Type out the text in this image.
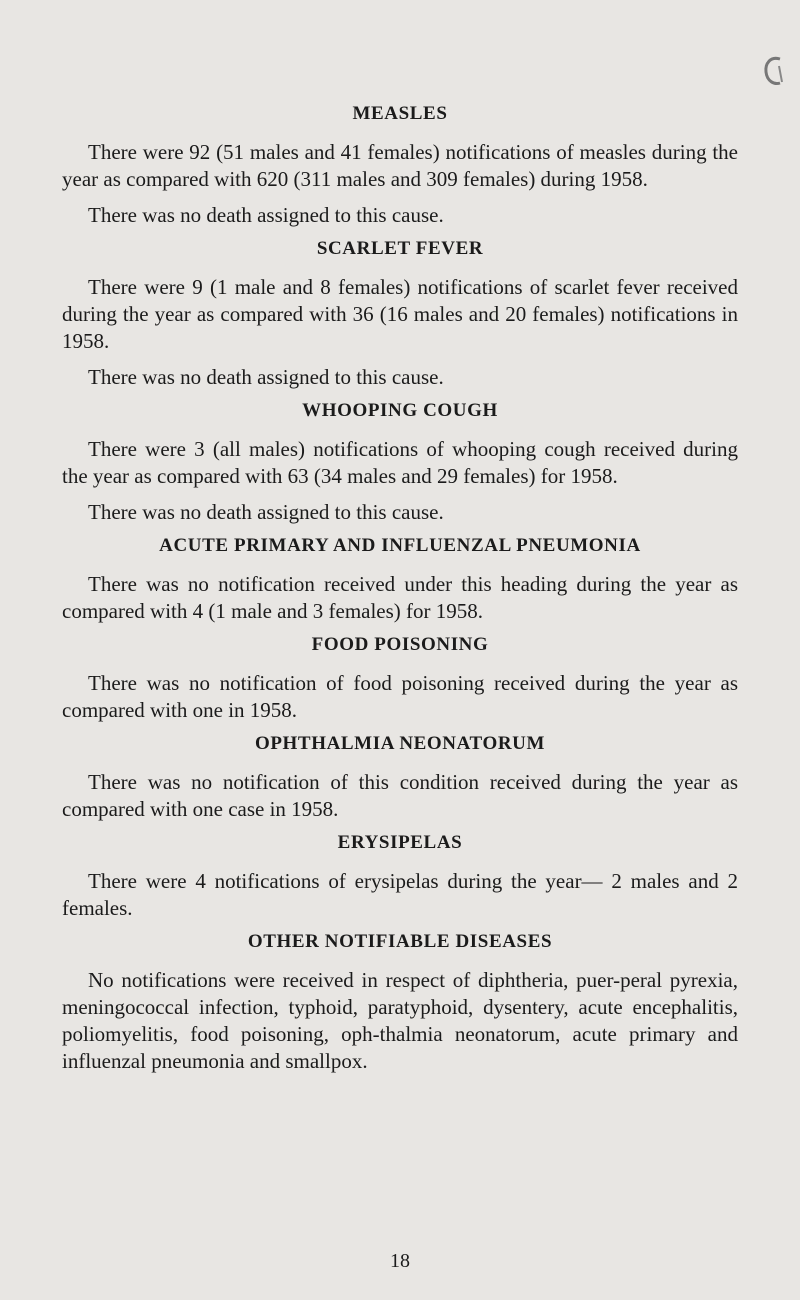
MEASLES

There were 92 (51 males and 41 females) notifications of measles during the year as compared with 620 (311 males and 309 females) during 1958.

There was no death assigned to this cause.

SCARLET FEVER

There were 9 (1 male and 8 females) notifications of scarlet fever received during the year as compared with 36 (16 males and 20 females) notifications in 1958.

There was no death assigned to this cause.

WHOOPING COUGH

There were 3 (all males) notifications of whooping cough received during the year as compared with 63 (34 males and 29 females) for 1958.

There was no death assigned to this cause.

ACUTE PRIMARY AND INFLUENZAL PNEUMONIA

There was no notification received under this heading during the year as compared with 4 (1 male and 3 females) for 1958.

FOOD POISONING

There was no notification of food poisoning received during the year as compared with one in 1958.

OPHTHALMIA NEONATORUM

There was no notification of this condition received during the year as compared with one case in 1958.

ERYSIPELAS

There were 4 notifications of erysipelas during the year— 2 males and 2 females.

OTHER NOTIFIABLE DISEASES

No notifications were received in respect of diphtheria, puer-peral pyrexia, meningococcal infection, typhoid, paratyphoid, dysentery, acute encephalitis, poliomyelitis, food poisoning, oph-thalmia neonatorum, acute primary and influenzal pneumonia and smallpox.

18
